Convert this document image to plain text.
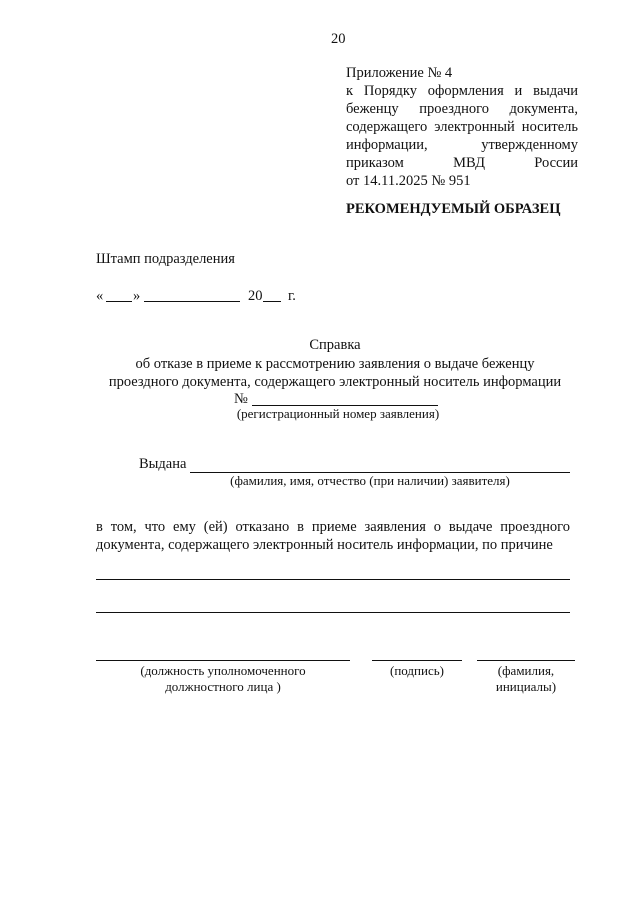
20
Приложение № 4
к Порядку оформления и выдачи
беженцу проездного документа,
содержащего электронный носитель
информации,	утвержденному
приказом	МВД	России
от 14.11.2025 № 951
РЕКОМЕНДУЕМЫЙ ОБРАЗЕЦ
Штамп подразделения
« »	20 г.
Справка
об отказе в приеме к рассмотрению заявления о выдаче беженцу
проездного документа, содержащего электронный носитель информации
№
(регистрационный номер заявления)
Выдана
(фамилия, имя, отчество (при наличии) заявителя)
в том, что ему (ей) отказано в приеме заявления о выдаче проездного
документа, содержащего электронный носитель информации, по причине
(должность уполномоченного
должностного лица )
(подпись)	(фамилия,
инициалы)
